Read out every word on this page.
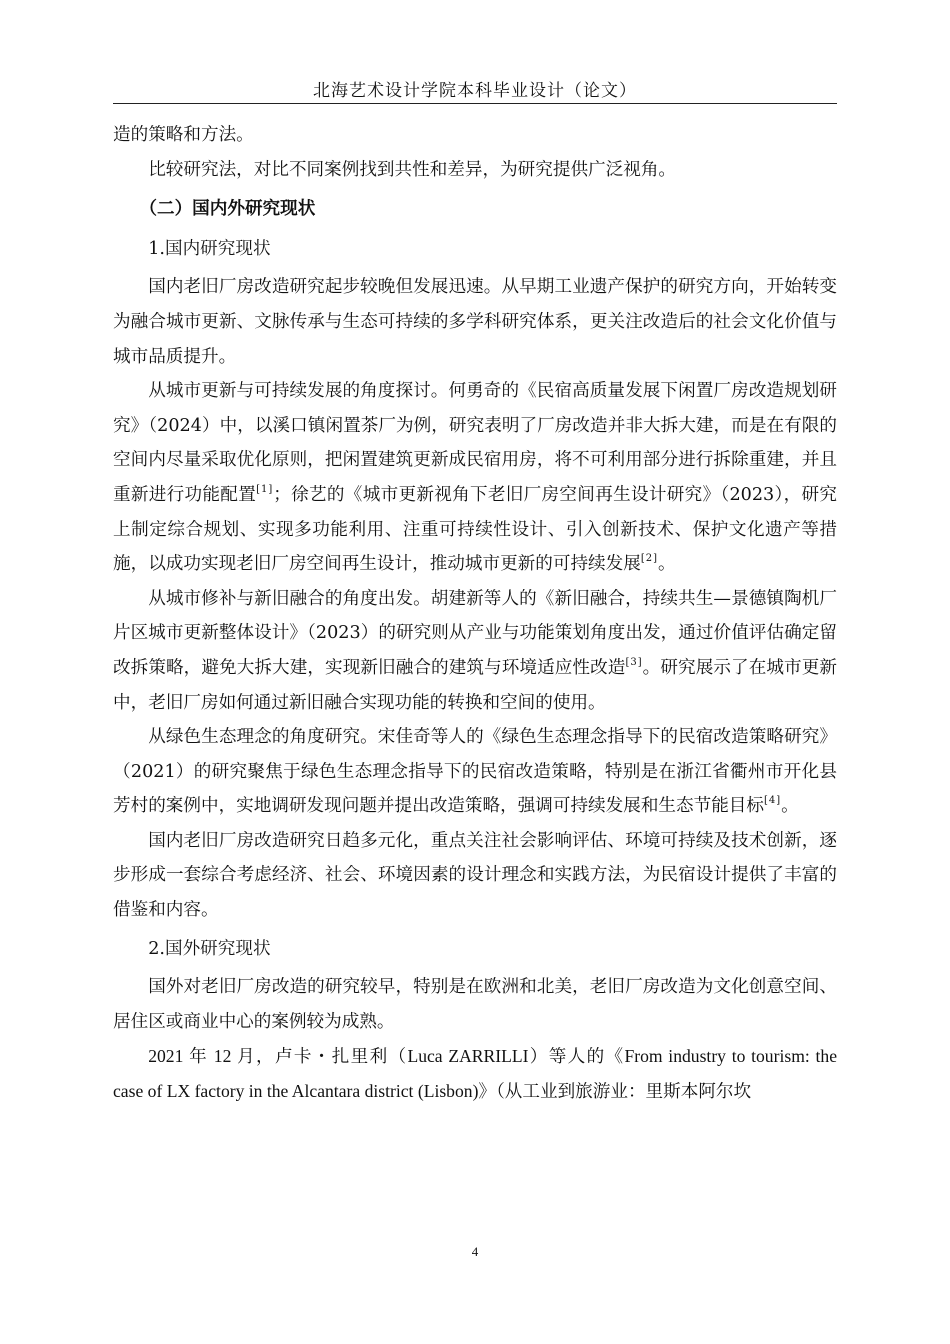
北海艺术设计学院本科毕业设计（论文）

造的策略和方法。

比较研究法，对比不同案例找到共性和差异，为研究提供广泛视角。

（二）国内外研究现状

1.国内研究现状

国内老旧厂房改造研究起步较晚但发展迅速。从早期工业遗产保护的研究方向，开始转变为融合城市更新、文脉传承与生态可持续的多学科研究体系，更关注改造后的社会文化价值与城市品质提升。

从城市更新与可持续发展的角度探讨。何勇奇的《民宿高质量发展下闲置厂房改造规划研究》（2024）中，以溪口镇闲置茶厂为例，研究表明了厂房改造并非大拆大建，而是在有限的空间内尽量采取优化原则，把闲置建筑更新成民宿用房，将不可利用部分进行拆除重建，并且重新进行功能配置[1]；徐艺的《城市更新视角下老旧厂房空间再生设计研究》（2023），研究上制定综合规划、实现多功能利用、注重可持续性设计、引入创新技术、保护文化遗产等措施，以成功实现老旧厂房空间再生设计，推动城市更新的可持续发展[2]。

从城市修补与新旧融合的角度出发。胡建新等人的《新旧融合，持续共生—景德镇陶机厂片区城市更新整体设计》（2023）的研究则从产业与功能策划角度出发，通过价值评估确定留改拆策略，避免大拆大建，实现新旧融合的建筑与环境适应性改造[3]。研究展示了在城市更新中，老旧厂房如何通过新旧融合实现功能的转换和空间的使用。

从绿色生态理念的角度研究。宋佳奇等人的《绿色生态理念指导下的民宿改造策略研究》（2021）的研究聚焦于绿色生态理念指导下的民宿改造策略，特别是在浙江省衢州市开化县芳村的案例中，实地调研发现问题并提出改造策略，强调可持续发展和生态节能目标[4]。

国内老旧厂房改造研究日趋多元化，重点关注社会影响评估、环境可持续及技术创新，逐步形成一套综合考虑经济、社会、环境因素的设计理念和实践方法，为民宿设计提供了丰富的借鉴和内容。

2.国外研究现状

国外对老旧厂房改造的研究较早，特别是在欧洲和北美，老旧厂房改造为文化创意空间、居住区或商业中心的案例较为成熟。

2021 年 12 月，卢卡・扎里利（Luca ZARRILLI）等人的《From industry to tourism: the case of LX factory in the Alcantara district (Lisbon)》（从工业到旅游业：里斯本阿尔坎

4
